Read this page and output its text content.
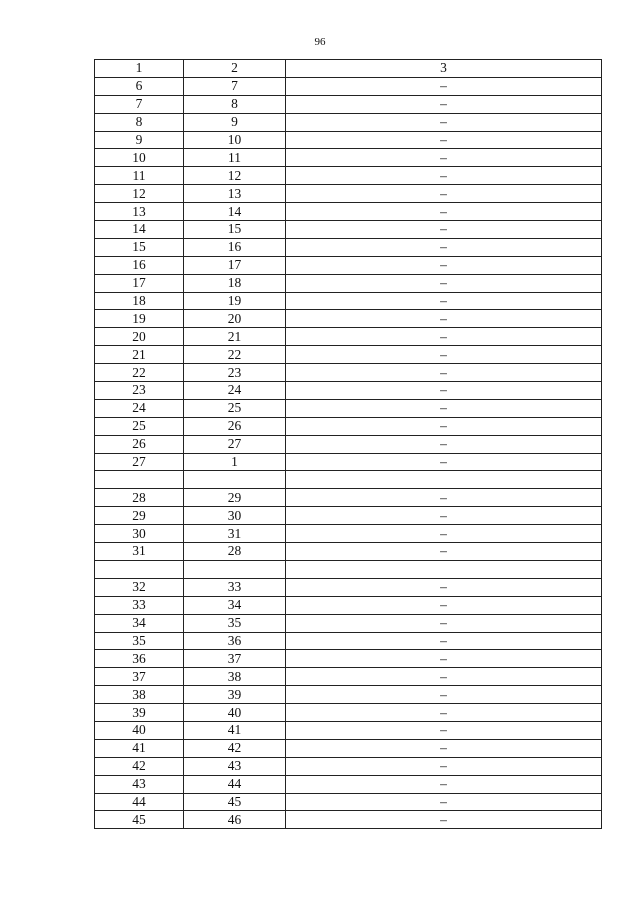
96
1	2	3
6	7	–
7	8	–
8	9	–
9	10	–
10	11	–
11	12	–
12	13	–
13	14	–
14	15	–
15	16	–
16	17	–
17	18	–
18	19	–
19	20	–
20	21	–
21	22	–
22	23	–
23	24	–
24	25	–
25	26	–
26	27	–
27	1	–

28	29	–
29	30	–
30	31	–
31	28	–

32	33	–
33	34	–
34	35	–
35	36	–
36	37	–
37	38	–
38	39	–
39	40	–
40	41	–
41	42	–
42	43	–
43	44	–
44	45	–
45	46	–
